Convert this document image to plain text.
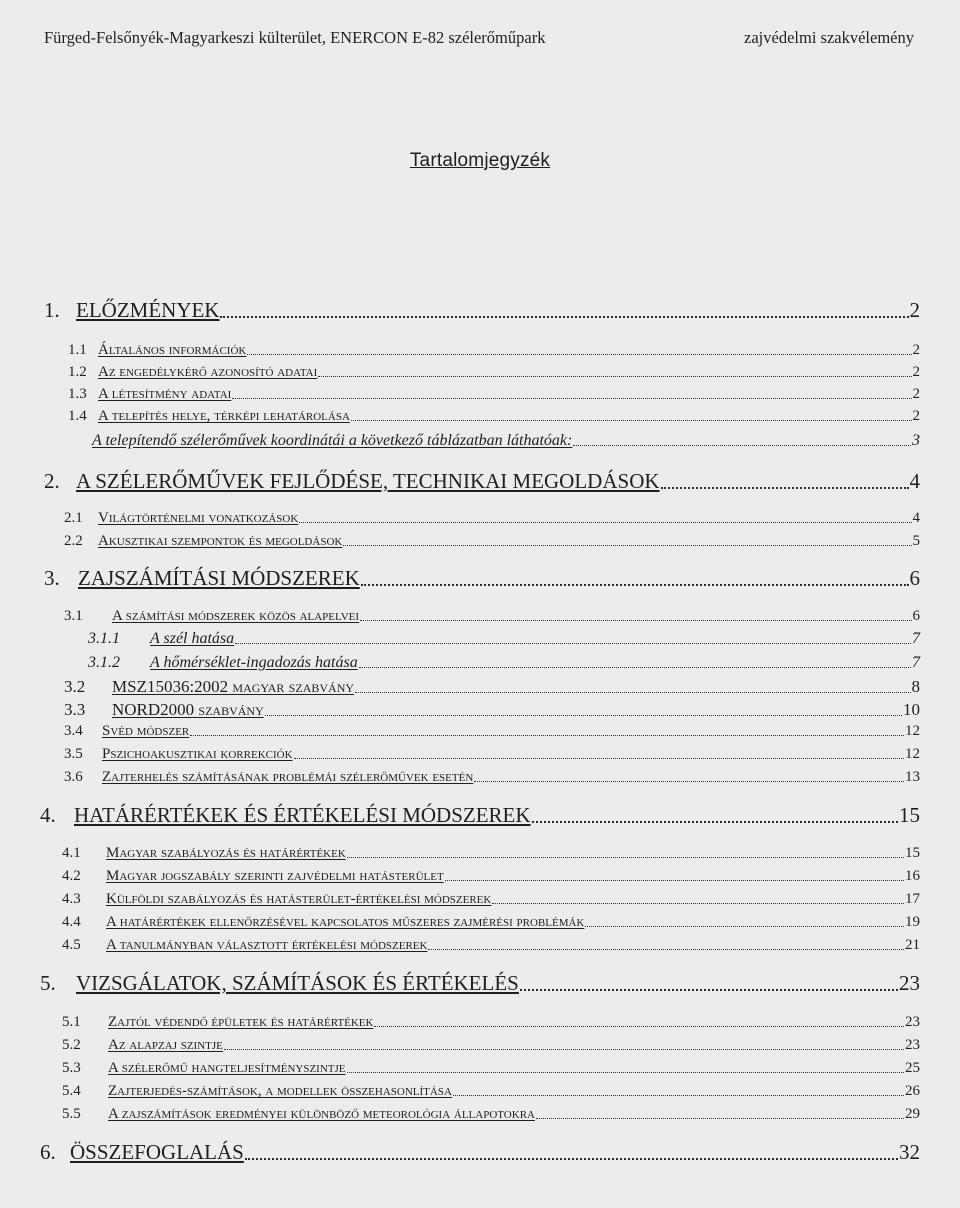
Fürged-Felsőnyék-Magyarkeszi külterület, ENERCON E-82 szélerőműpark	zajvédelmi szakvélemény
Tartalomjegyzék
1. ELŐZMÉNYEK	2
1.1 Általános információk	2
1.2 Az engedélykérő azonosító adatai	2
1.3 A létesítmény adatai	2
1.4 A telepítés helye, térképi lehatárolása	2
A telepítendő szélerőművek koordinátái a következő táblázatban láthatóak:	3
2. A SZÉLERŐMŰVEK FEJLŐDÉSE, TECHNIKAI MEGOLDÁSOK	4
2.1	Világtörténelmi vonatkozások	4
2.2	Akusztikai szempontok és megoldások	5
3. ZAJSZÁMÍTÁSI MÓDSZEREK	6
3.1	A számítási módszerek közös alapelvei	6
3.1.1	A szél hatása	7
3.1.2	A hőmérséklet-ingadozás hatása	7
3.2	MSZ15036:2002 magyar szabvány	8
3.3	NORD2000 szabvány	10
3.4	Svéd módszer	12
3.5	Pszichoakusztikai korrekciók	12
3.6	Zajterhelés számításának problémái szélerőművek esetén	13
4. HATÁRÉRTÉKEK ÉS ÉRTÉKELÉSI MÓDSZEREK	15
4.1	Magyar szabályozás és határértékek	15
4.2	Magyar jogszabály szerinti zajvédelmi hatásterület	16
4.3	Külföldi szabályozás és hatásterület-értékelési módszerek	17
4.4	A határértékek ellenőrzésével kapcsolatos műszeres zajmérési problémák	19
4.5	A tanulmányban választott értékelési módszerek	21
5. VIZSGÁLATOK, SZÁMÍTÁSOK ÉS ÉRTÉKELÉS	23
5.1	Zajtól védendő épületek és határértékek	23
5.2	Az alapzaj szintje	23
5.3	A szélerőmű hangteljesítményszintje	25
5.4	Zajterjedés-számítások, a modellek összehasonlítása	26
5.5	A zajszámítások eredményei különböző meteorológia állapotokra	29
6. ÖSSZEFOGLALÁS	32
